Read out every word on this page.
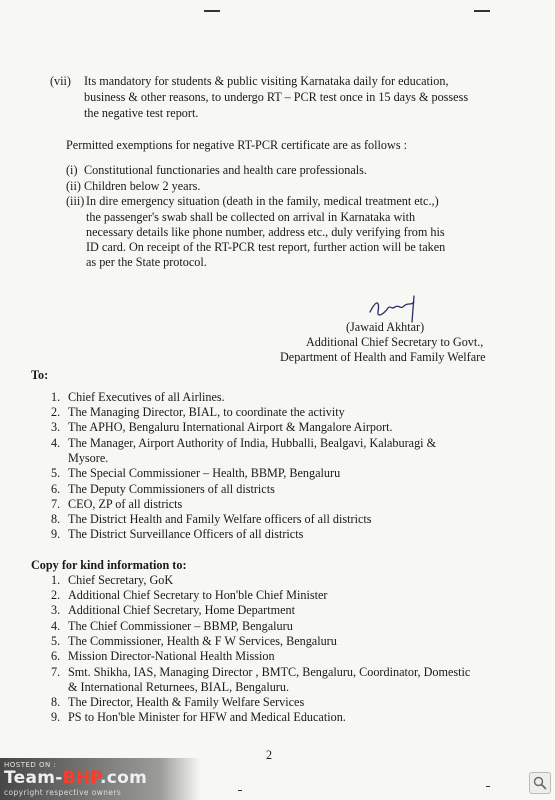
(vii) Its mandatory for students & public visiting Karnataka daily for education,
business & other reasons, to undergo RT – PCR test once in 15 days & possess
the negative test report.
Permitted exemptions for negative RT-PCR certificate are as follows :
(i) Constitutional functionaries and health care professionals.
(ii) Children below 2 years.
(iii) In dire emergency situation (death in the family, medical treatment etc.,)
the passenger's swab shall be collected on arrival in Karnataka with
necessary details like phone number, address etc., duly verifying from his
ID card. On receipt of the RT-PCR test report, further action will be taken
as per the State protocol.
(Jawaid Akhtar)
Additional Chief Secretary to Govt.,
Department of Health and Family Welfare
To:
1. Chief Executives of all Airlines.
2. The Managing Director, BIAL, to coordinate the activity
3. The APHO, Bengaluru International Airport & Mangalore Airport.
4. The Manager, Airport Authority of India, Hubballi, Bealgavi, Kalaburagi &
Mysore.
5. The Special Commissioner – Health, BBMP, Bengaluru
6. The Deputy Commissioners of all districts
7. CEO, ZP of all districts
8. The District Health and Family Welfare officers of all districts
9. The District Surveillance Officers of all districts
Copy for kind information to:
1. Chief Secretary, GoK
2. Additional Chief Secretary to Hon'ble Chief Minister
3. Additional Chief Secretary, Home Department
4. The Chief Commissioner – BBMP, Bengaluru
5. The Commissioner, Health & F W Services, Bengaluru
6. Mission Director-National Health Mission
7. Smt. Shikha, IAS, Managing Director , BMTC, Bengaluru, Coordinator, Domestic
& International Returnees, BIAL, Bengaluru.
8. The Director, Health & Family Welfare Services
9. PS to Hon'ble Minister for HFW and Medical Education.
2
HOSTED ON :
Team-BHP.com
copyright respective owners
